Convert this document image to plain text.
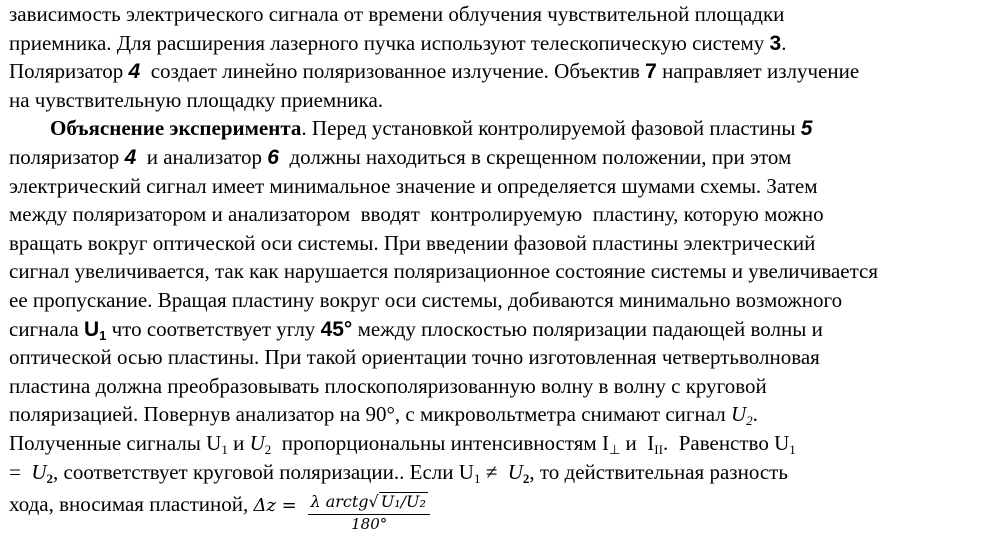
зависимость электрического сигнала от времени облучения чувствительной площадки
приемника. Для расширения лазерного пучка используют телескопическую систему 3.
Поляризатор 4  создает линейно поляризованное излучение. Объектив 7 направляет излучение
на чувствительную площадку приемника.
Объяснение эксперимента. Перед установкой контролируемой фазовой пластины 5
поляризатор 4  и анализатор 6  должны находиться в скрещенном положении, при этом
электрический сигнал имеет минимальное значение и определяется шумами схемы. Затем
между поляризатором и анализатором  вводят  контролируемую  пластину, которую можно
вращать вокруг оптической оси системы. При введении фазовой пластины электрический
сигнал увеличивается, так как нарушается поляризационное состояние системы и увеличивается
ее пропускание. Вращая пластину вокруг оси системы, добиваются минимально возможного
сигнала $U_1$ что соответствует углу 45° между плоскостью поляризации падающей волны и
оптической осью пластины. При такой ориентации точно изготовленная четвертьволновая
пластина должна преобразовывать плоскополяризованную волну в волну с круговой
поляризацией. Повернув анализатор на 90°, с микровольтметра снимают сигнал $U_2$.
Полученные сигналы $U_1$ и $U_2$  пропорциональны интенсивностям $I_\perp$ и  $I_{II}$.  Равенство $U_1$
=  $U_2$, соответствует круговой поляризации.. Если $U_1 \ne U_2$, то действительная разность
хода, вносимая пластиной, $\Delta z = \frac{\text{λ arctg√ U₁/U₂}}{180^\circ}$
